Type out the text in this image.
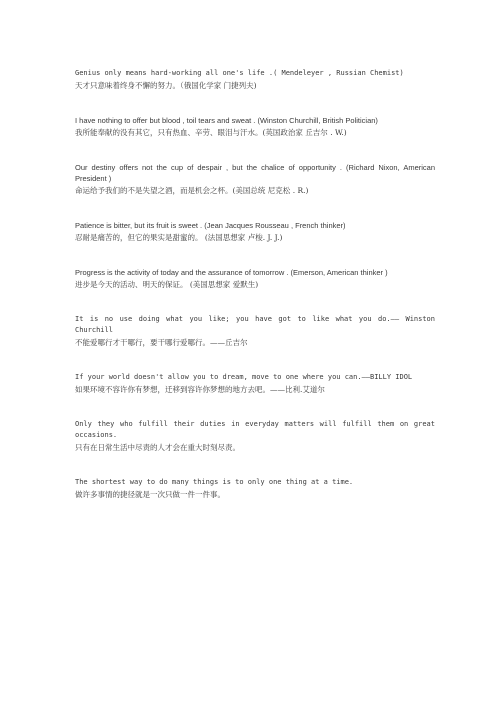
Genius only means hard-working all one's life .( Mendeleyer , Russian Chemist)

天才只意味着终身不懈的努力。（俄国化学家 门捷列夫)

I have nothing to offer but blood , toil tears and sweat . (Winston Churchill, British Politician)

我所能奉献的没有其它，只有热血、辛劳、眼泪与汗水。(英国政治家 丘吉尔 . W.)

Our destiny offers not the cup of despair , but the chalice of opportunity . (Richard Nixon, American President )

命运给予我们的不是失望之酒，而是机会之杯。(美国总统 尼克松 . R.)

Patience is bitter, but its fruit is sweet . (Jean Jacques Rousseau , French thinker)

忍耐是痛苦的，但它的果实是甜蜜的。 (法国思想家 卢梭. J. J.)

Progress is the activity of today and the assurance of tomorrow . (Emerson, American thinker )

进步是今天的活动、明天的保证。 (美国思想家 爱默生)

It is no use doing what you like; you have got to like what you do.—— Winston Churchill

不能爱哪行才干哪行，要干哪行爱哪行。——丘吉尔

If your world doesn't allow you to dream, move to one where you can.——BILLY IDOL

如果环境不容许你有梦想，迁移到容许你梦想的地方去吧。——比利.艾道尔

Only they who fulfill their duties in everyday matters will fulfill them on great occasions.

只有在日常生活中尽责的人才会在重大时刻尽责。

The shortest way to do many things is to only one thing at a time.

做许多事情的捷径就是一次只做一件一件事。
